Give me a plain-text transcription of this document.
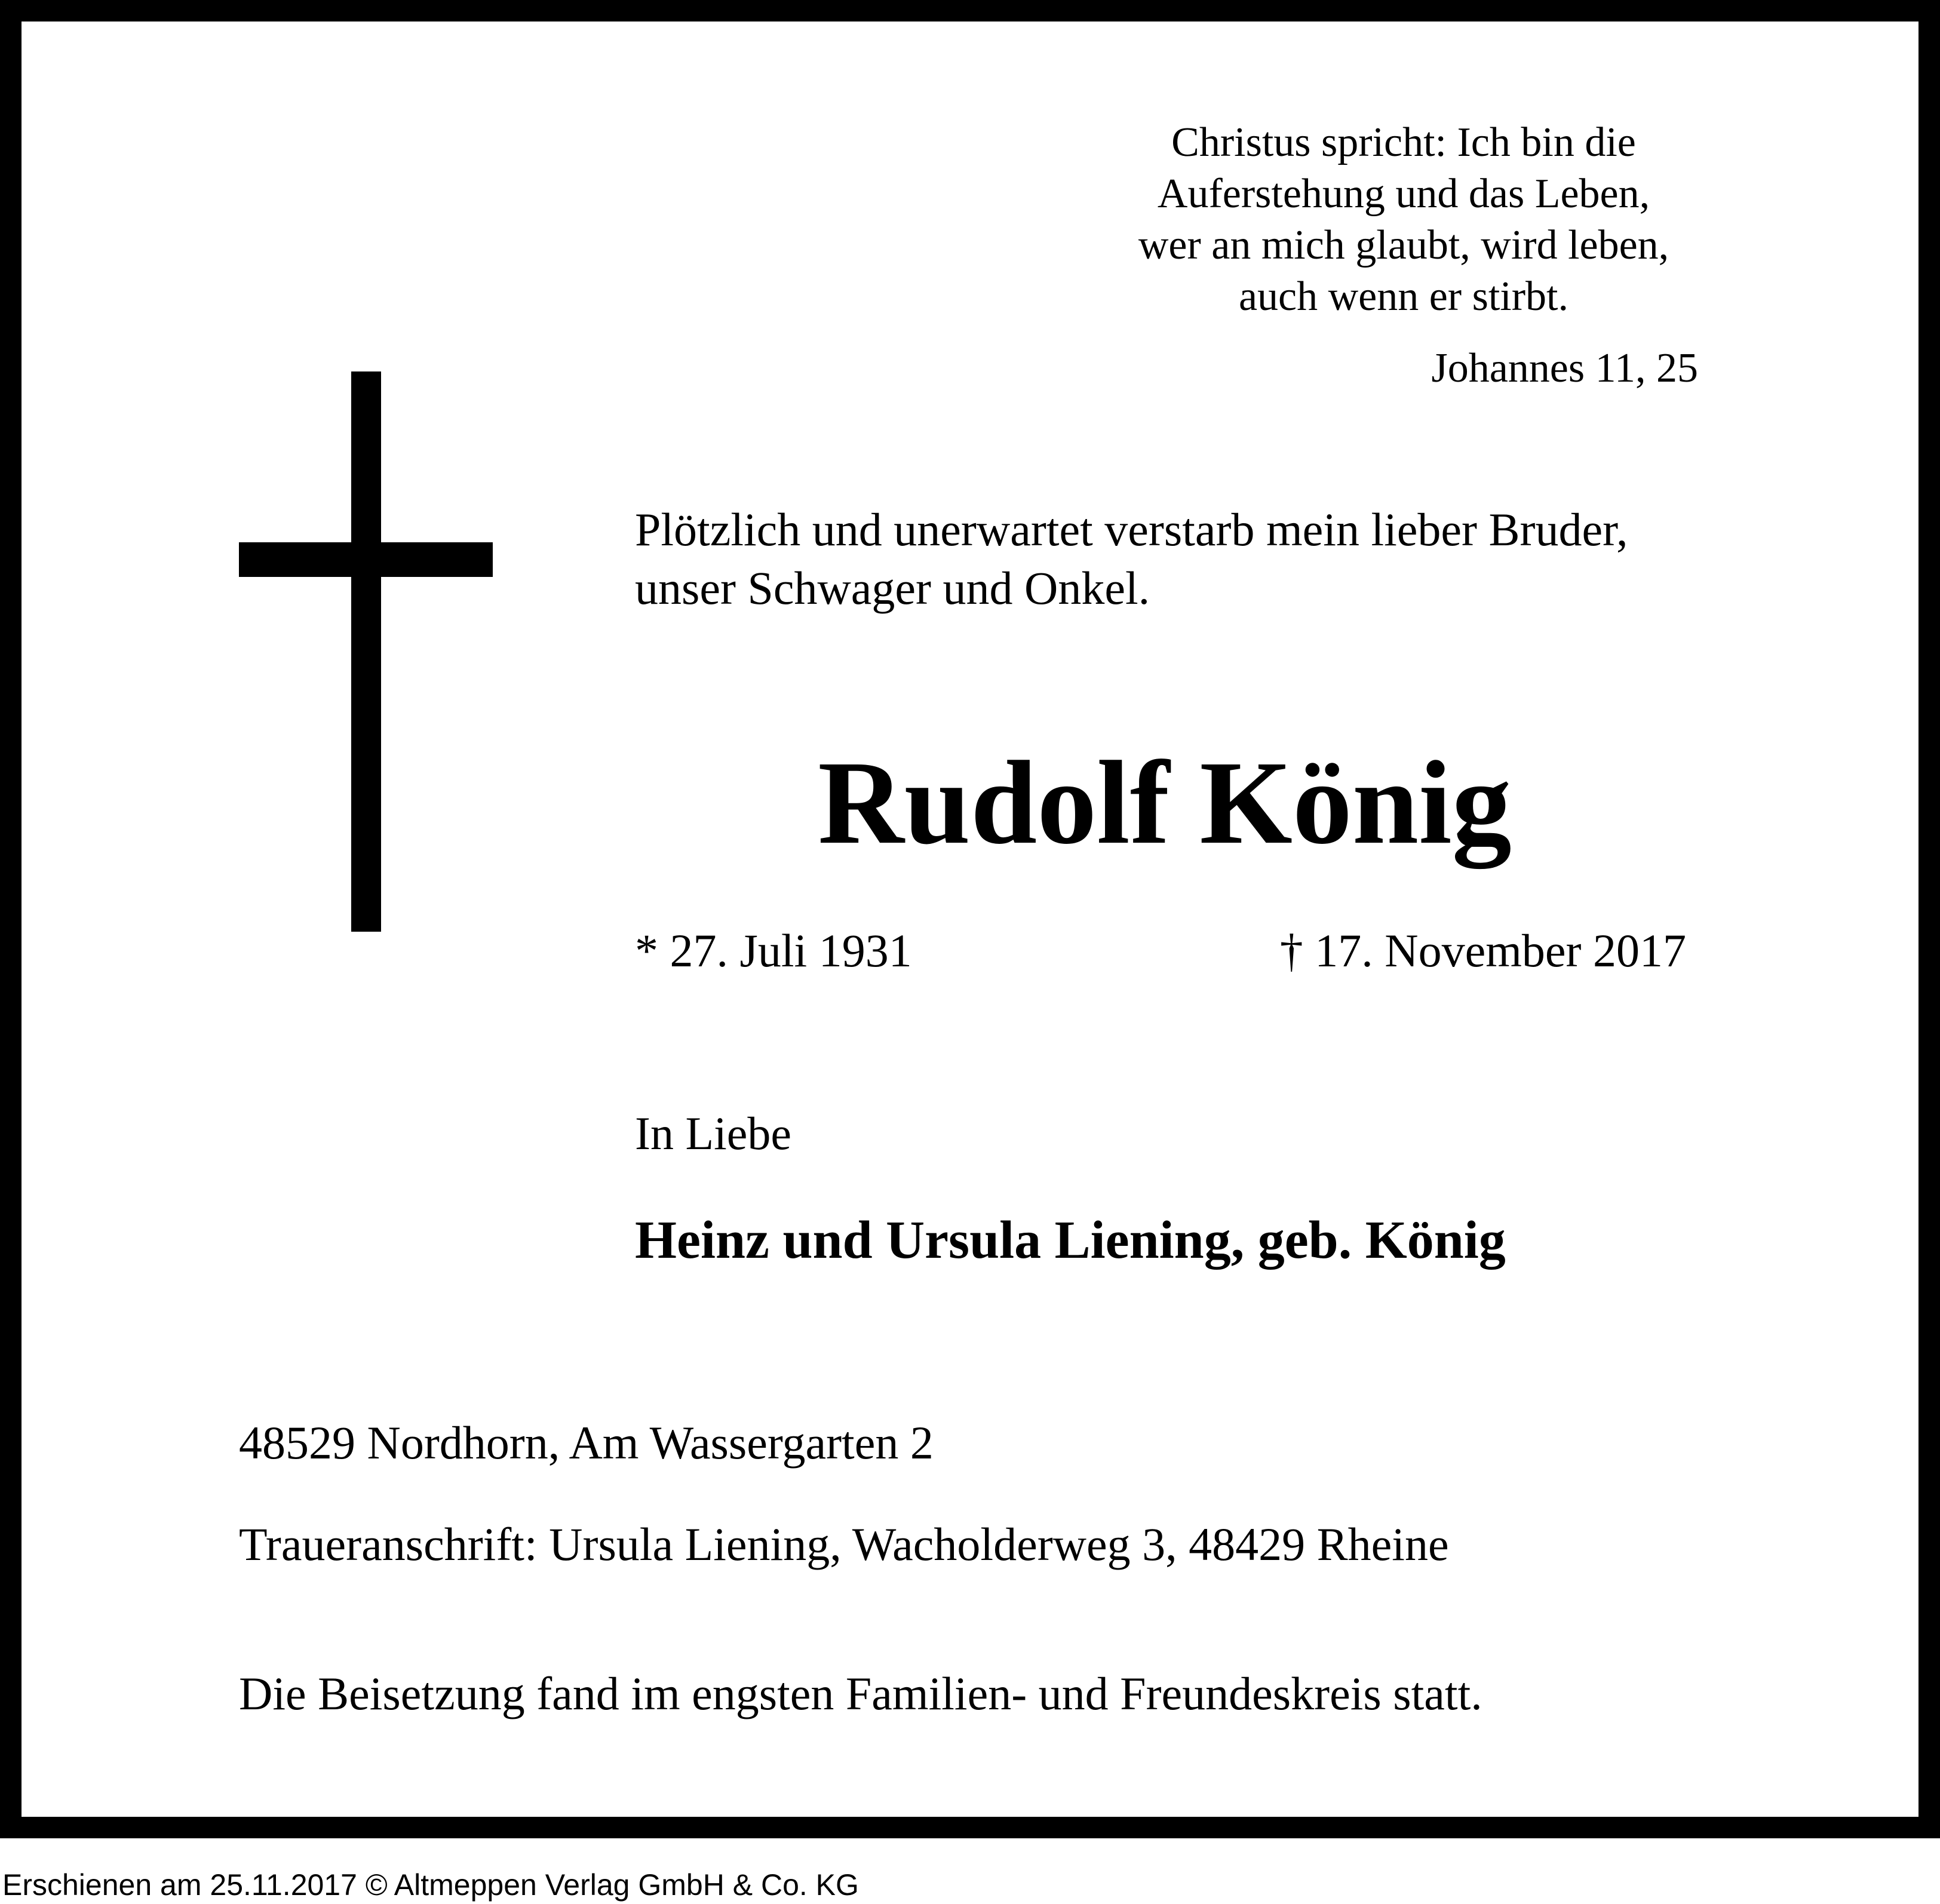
Christus spricht: Ich bin die
Auferstehung und das Leben,
wer an mich glaubt, wird leben,
auch wenn er stirbt.
Johannes 11, 25
Plötzlich und unerwartet verstarb mein lieber Bruder,
unser Schwager und Onkel.
Rudolf König
* 27. Juli 1931	† 17. November 2017
In Liebe
Heinz und Ursula Liening, geb. König
48529 Nordhorn, Am Wassergarten 2
Traueranschrift: Ursula Liening, Wacholderweg 3, 48429 Rheine
Die Beisetzung fand im engsten Familien- und Freundeskreis statt.
Erschienen am 25.11.2017 © Altmeppen Verlag GmbH & Co. KG
